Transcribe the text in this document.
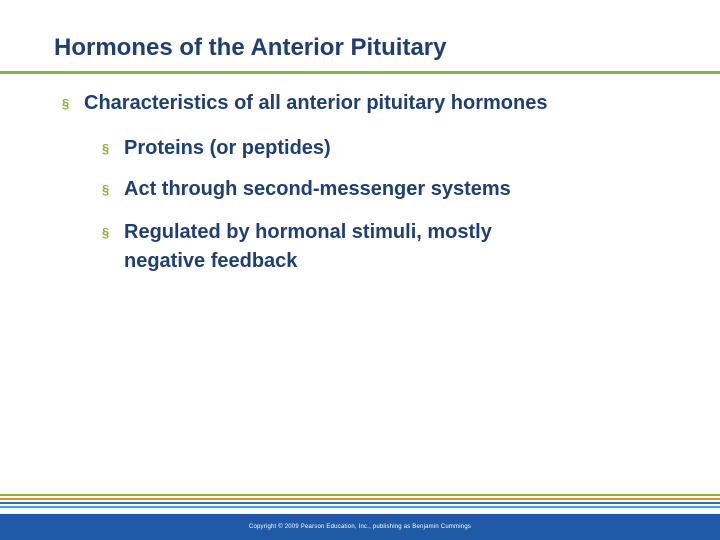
Hormones of the Anterior Pituitary
§ Characteristics of all anterior pituitary hormones
§ Proteins (or peptides)
§ Act through second-messenger systems
§ Regulated by hormonal stimuli, mostly negative feedback
Copyright © 2009 Pearson Education, Inc., publishing as Benjamin Cummings
